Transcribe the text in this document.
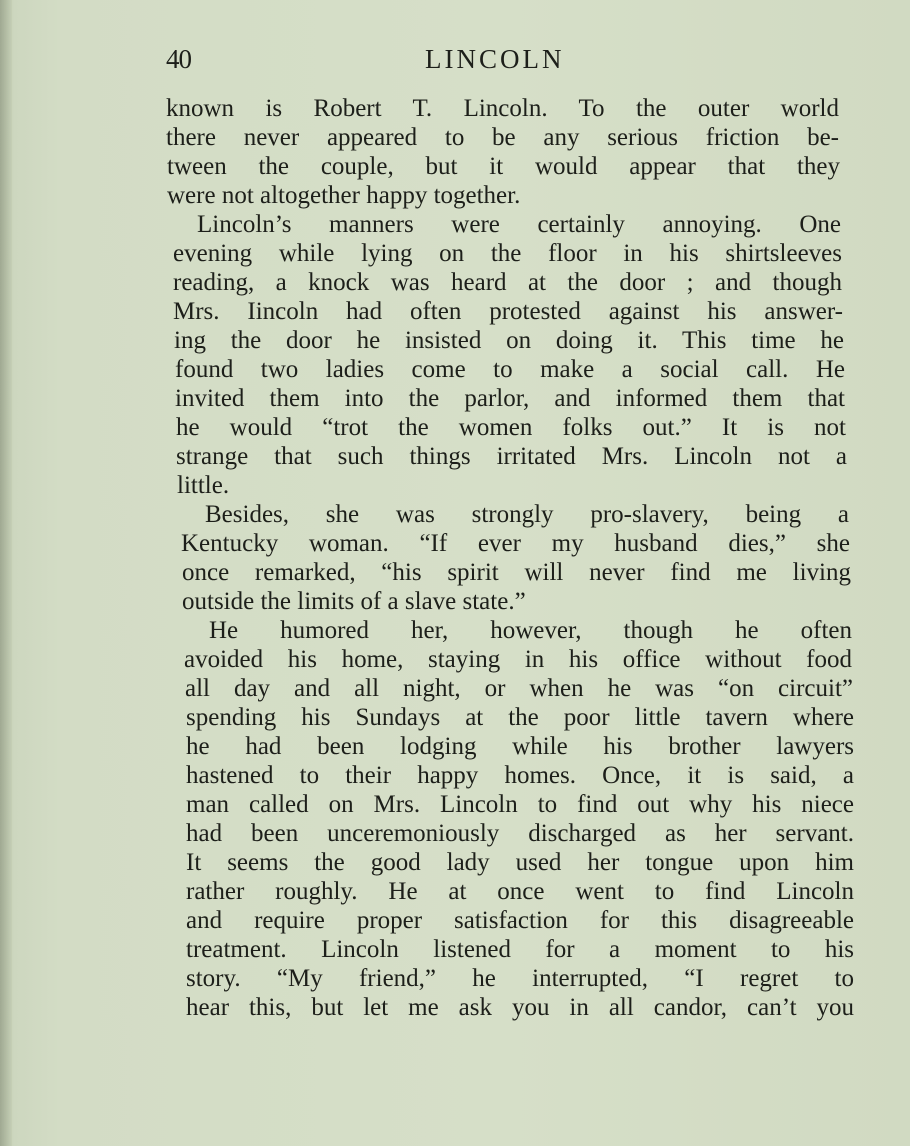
40	LINCOLN
known is Robert T. Lincoln. To the outer world
there never appeared to be any serious friction be-
tween the couple, but it would appear that they
were not altogether happy together.
Lincoln’s manners were certainly annoying. One
evening while lying on the floor in his shirtsleeves
reading, a knock was heard at the door ; and though
Mrs. Iincoln had often protested against his answer-
ing the door he insisted on doing it. This time he
found two ladies come to make a social call. He
invited them into the parlor, and informed them that
he would “trot the women folks out.” It is not
strange that such things irritated Mrs. Lincoln not a
little.
Besides, she was strongly pro-slavery, being a
Kentucky woman. “If ever my husband dies,” she
once remarked, “his spirit will never find me living
outside the limits of a slave state.”
He humored her, however, though he often
avoided his home, staying in his office without food
all day and all night, or when he was “on circuit”
spending his Sundays at the poor little tavern where
he had been lodging while his brother lawyers
hastened to their happy homes. Once, it is said, a
man called on Mrs. Lincoln to find out why his niece
had been unceremoniously discharged as her servant.
It seems the good lady used her tongue upon him
rather roughly. He at once went to find Lincoln
and require proper satisfaction for this disagreeable
treatment. Lincoln listened for a moment to his
story. “My friend,” he interrupted, “I regret to
hear this, but let me ask you in all candor, can’t you
